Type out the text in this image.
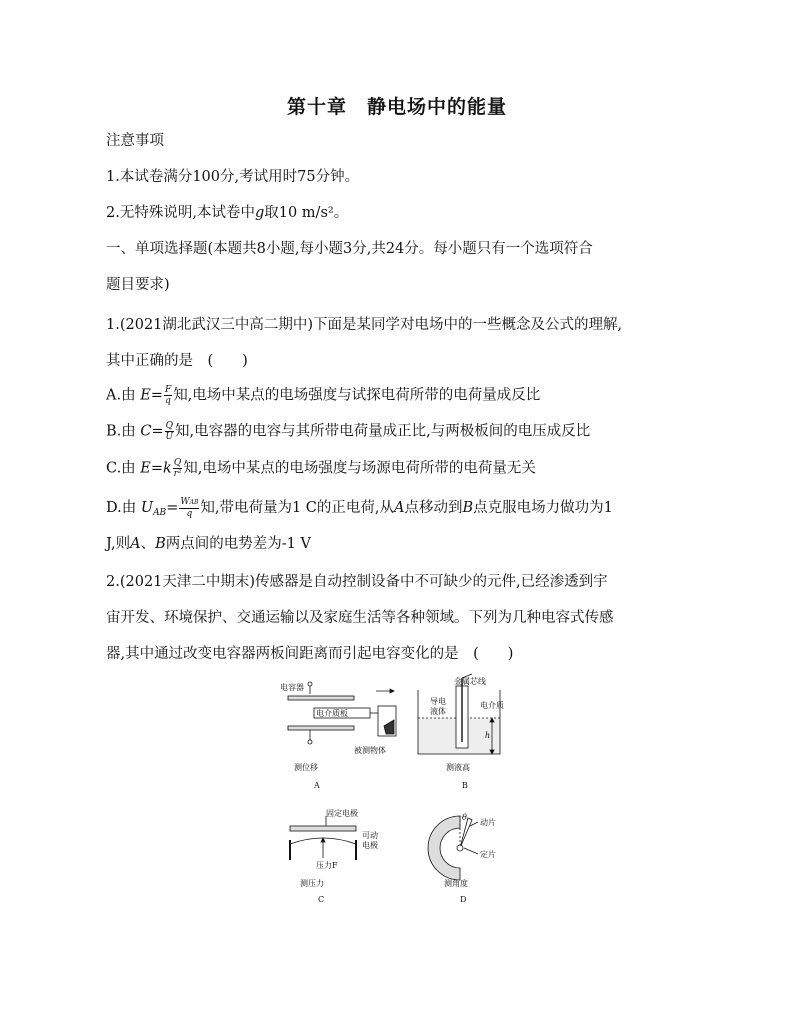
第十章　静电场中的能量
注意事项
1.本试卷满分100分,考试用时75分钟。
2.无特殊说明,本试卷中g取10 m/s²。
一、单项选择题(本题共8小题,每小题3分,共24分。每小题只有一个选项符合
题目要求)
1.(2021湖北武汉三中高二期中)下面是某同学对电场中的一些概念及公式的理解,
其中正确的是　(　　)
A.由 $E= \frac{F}{q}$ 知,电场中某点的电场强度与试探电荷所带的电荷量成反比
B.由 $C= \frac{Q}{U}$ 知,电容器的电容与其所带电荷量成正比,与两极板间的电压成反比
C.由 $E=k \frac{Q}{\text{r²}}$ 知,电场中某点的电场强度与场源电荷所带的电荷量无关
D.由 $U_{AB}= \frac{\text{WAB}}{q}$ 知,带电荷量为1 C的正电荷,从A点移动到B点克服电场力做功为1
J,则A、B两点间的电势差为-1 V
2.(2021天津二中期末)传感器是自动控制设备中不可缺少的元件,已经渗透到宇
宙开发、环境保护、交通运输以及家庭生活等各种领域。下列为几种电容式传感
器,其中通过改变电容器两板间距离而引起电容变化的是　(　　)
电容器
电介质板
被测物体
测位移
A
金属芯线
导电
液体
电介质
h
测液高
B
固定电极
可动
电极
压力F
测压力
C
θ
动片
定片
测角度
D
